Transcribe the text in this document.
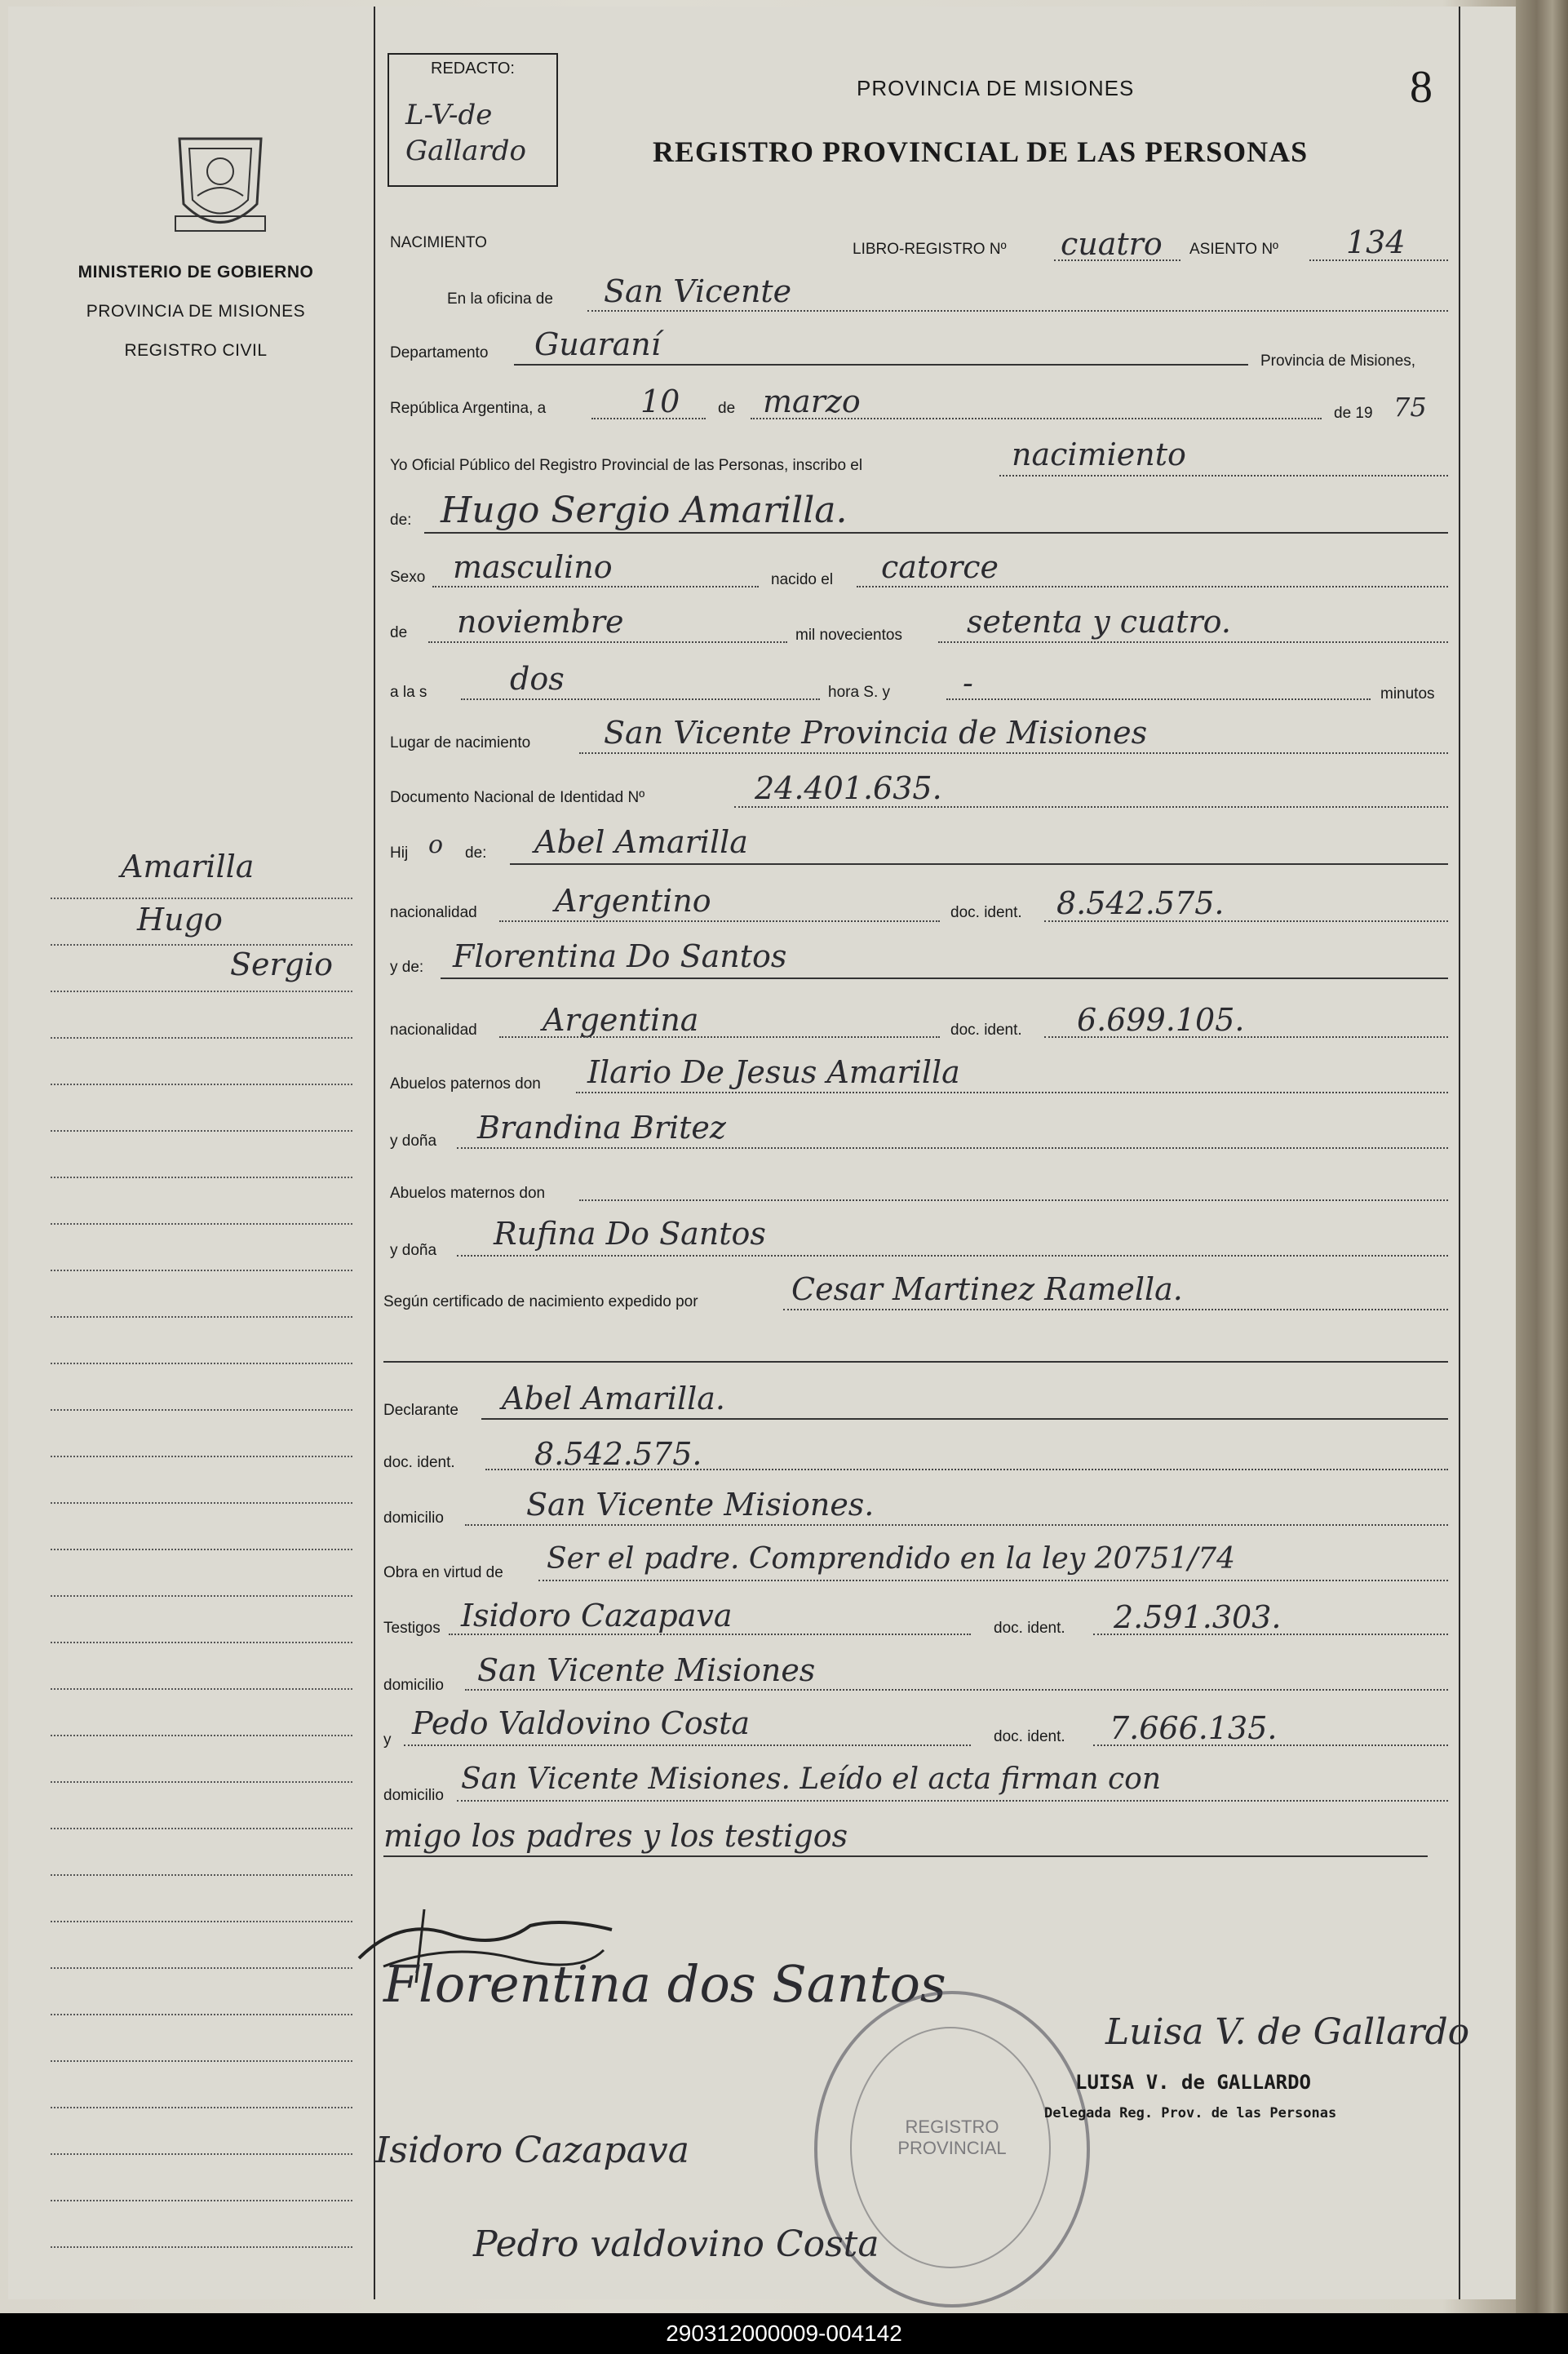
MINISTERIO DE GOBIERNO
PROVINCIA DE MISIONES
REGISTRO CIVIL
Amarilla
Hugo
Sergio
REDACTO:
L-V-de Gallardo
PROVINCIA DE MISIONES	8
REGISTRO PROVINCIAL DE LAS PERSONAS
NACIMIENTO	LIBRO-REGISTRO Nº cuatro ASIENTO Nº 134
En la oficina de San Vicente
Departamento Guaraní	Provincia de Misiones,
República Argentina, a	10 de marzo	de 19 75
Yo Oficial Público del Registro Provincial de las Personas, inscribo el	nacimiento
de: Hugo Sergio Amarilla.
Sexo masculino	nacido el catorce
de noviembre	mil novecientos setenta y cuatro.
a la s	dos	hora S. y -	minutos
Lugar de nacimiento San Vicente Provincia de Misiones
Documento Nacional de Identidad Nº	24.401.635.
Hij o de: Abel Amarilla
nacionalidad	Argentino	doc. ident. 8.542.575.
y de: Florentina Do Santos
nacionalidad Argentina	doc. ident. 6.699.105.
Abuelos paternos don Ilario De Jesus Amarilla
y doña Brandina Britez
Abuelos maternos don
y doña Rufina Do Santos
Según certificado de nacimiento expedido por	Cesar Martinez Ramella.
Declarante Abel Amarilla.
doc. ident.	8.542.575.
domicilio	San Vicente Misiones.
Obra en virtud de Ser el padre. Comprendido en la ley 20751/74
Testigos Isidoro Cazapava	doc. ident. 2.591.303.
domicilio San Vicente Misiones
y Pedo Valdovino Costa	doc. ident. 7.666.135.
domicilio San Vicente Misiones. Leído el acta firman con
migo los padres y los testigos
Florentina dos Santos
REGISTRO PROVINCIAL
Luisa V. de Gallardo
LUISA V. de GALLARDO
Delegada Reg. Prov. de las Personas
Isidoro Cazapava
Pedro valdovino Costa
290312000009-004142
